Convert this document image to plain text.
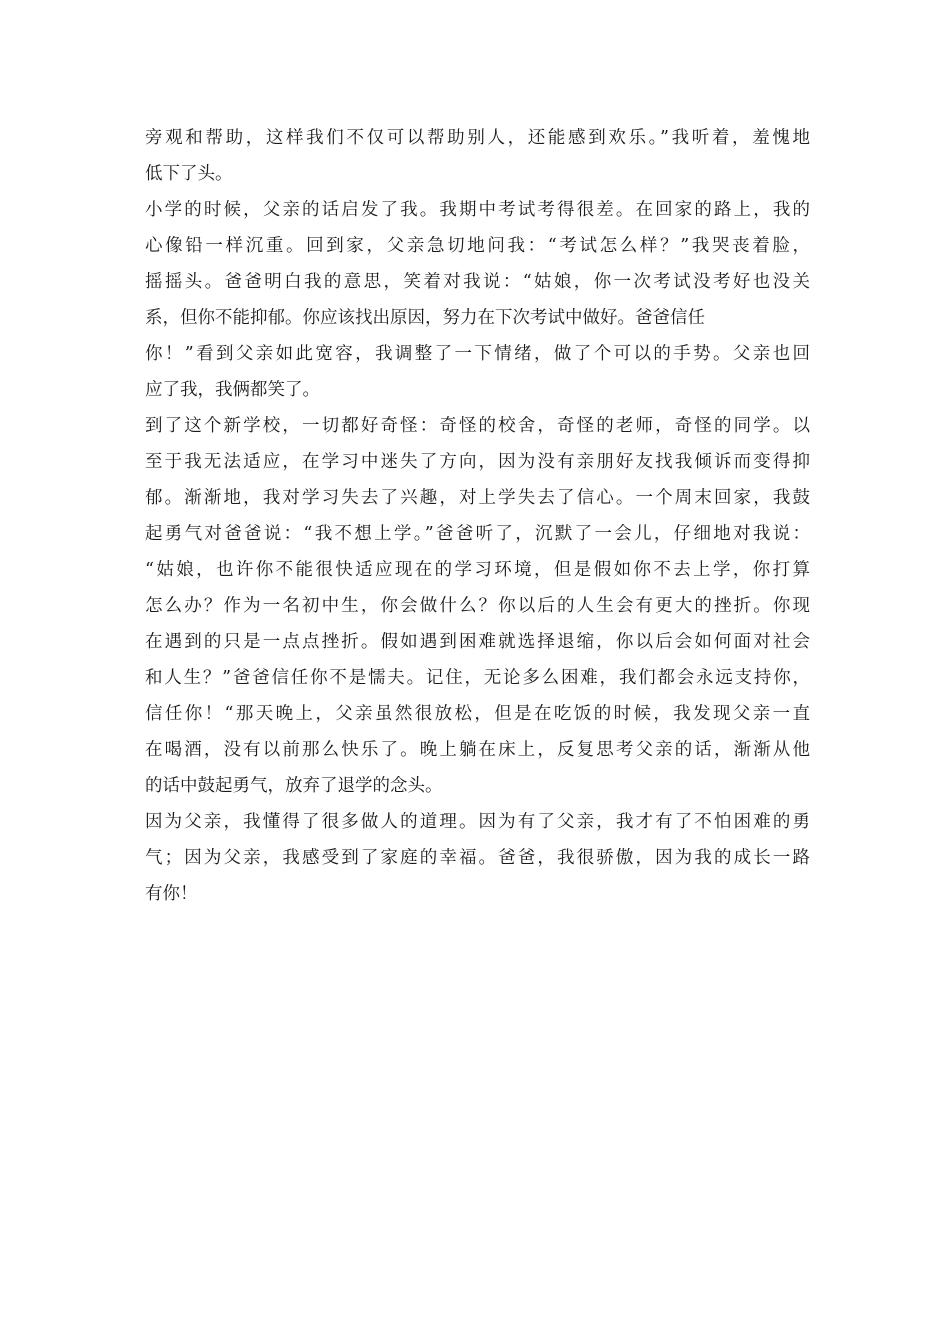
旁观和帮助，这样我们不仅可以帮助别人，还能感到欢乐。”我听着，羞愧地
低下了头。
小学的时候，父亲的话启发了我。我期中考试考得很差。在回家的路上，我的
心像铅一样沉重。回到家，父亲急切地问我：“考试怎么样？”我哭丧着脸，
摇摇头。爸爸明白我的意思，笑着对我说：“姑娘，你一次考试没考好也没关
系，但你不能抑郁。你应该找出原因，努力在下次考试中做好。爸爸信任
你！”看到父亲如此宽容，我调整了一下情绪，做了个可以的手势。父亲也回
应了我，我俩都笑了。
到了这个新学校，一切都好奇怪：奇怪的校舍，奇怪的老师，奇怪的同学。以
至于我无法适应，在学习中迷失了方向，因为没有亲朋好友找我倾诉而变得抑
郁。渐渐地，我对学习失去了兴趣，对上学失去了信心。一个周末回家，我鼓
起勇气对爸爸说：“我不想上学。”爸爸听了，沉默了一会儿，仔细地对我说：
“姑娘，也许你不能很快适应现在的学习环境，但是假如你不去上学，你打算
怎么办？作为一名初中生，你会做什么？你以后的人生会有更大的挫折。你现
在遇到的只是一点点挫折。假如遇到困难就选择退缩，你以后会如何面对社会
和人生？”爸爸信任你不是懦夫。记住，无论多么困难，我们都会永远支持你，
信任你！“那天晚上，父亲虽然很放松，但是在吃饭的时候，我发现父亲一直
在喝酒，没有以前那么快乐了。晚上躺在床上，反复思考父亲的话，渐渐从他
的话中鼓起勇气，放弃了退学的念头。
因为父亲，我懂得了很多做人的道理。因为有了父亲，我才有了不怕困难的勇
气；因为父亲，我感受到了家庭的幸福。爸爸，我很骄傲，因为我的成长一路
有你！
